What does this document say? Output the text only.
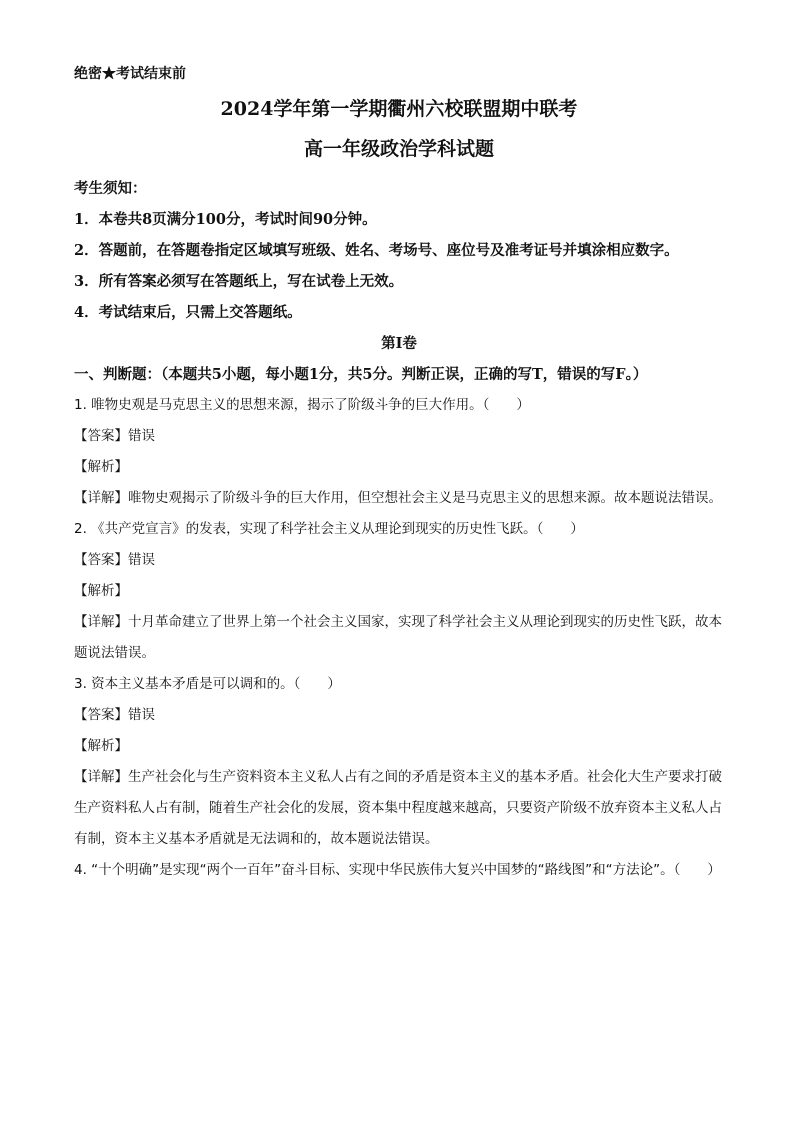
绝密★考试结束前
2024学年第一学期衢州六校联盟期中联考
高一年级政治学科试题
考生须知：
1．本卷共8页满分100分，考试时间90分钟。
2．答题前，在答题卷指定区域填写班级、姓名、考场号、座位号及准考证号并填涂相应数字。
3．所有答案必须写在答题纸上，写在试卷上无效。
4．考试结束后，只需上交答题纸。
第I卷
一、判断题：（本题共5小题，每小题1分，共5分。判断正误，正确的写T，错误的写F。）
1. 唯物史观是马克思主义的思想来源，揭示了阶级斗争的巨大作用。（　　）
【答案】错误
【解析】
【详解】唯物史观揭示了阶级斗争的巨大作用，但空想社会主义是马克思主义的思想来源。故本题说法错误。
2. 《共产党宣言》的发表，实现了科学社会主义从理论到现实的历史性飞跃。（　　）
【答案】错误
【解析】
【详解】十月革命建立了世界上第一个社会主义国家，实现了科学社会主义从理论到现实的历史性飞跃，故本题说法错误。
3. 资本主义基本矛盾是可以调和的。（　　）
【答案】错误
【解析】
【详解】生产社会化与生产资料资本主义私人占有之间的矛盾是资本主义的基本矛盾。社会化大生产要求打破生产资料私人占有制，随着生产社会化的发展，资本集中程度越来越高，只要资产阶级不放弃资本主义私人占有制，资本主义基本矛盾就是无法调和的，故本题说法错误。
4. “十个明确”是实现“两个一百年”奋斗目标、实现中华民族伟大复兴中国梦的“路线图”和“方法论”。（　　）
